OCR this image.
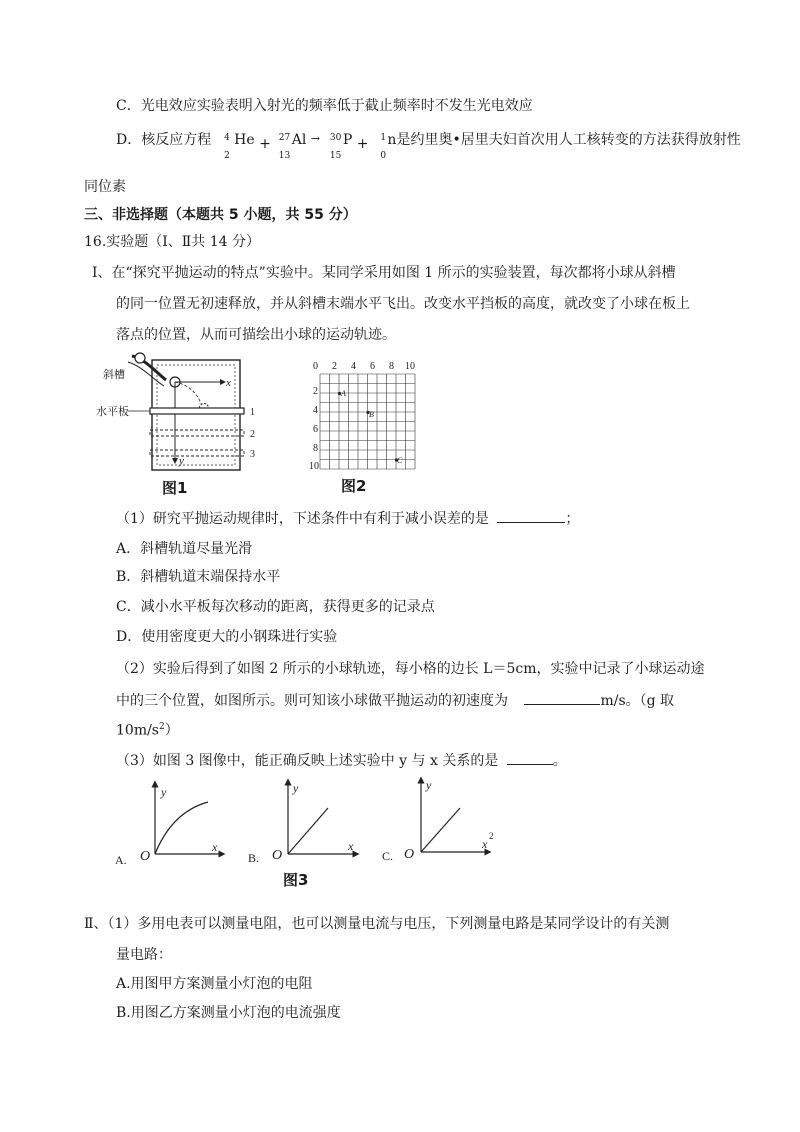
C．光电效应实验表明入射光的频率低于截止频率时不发生光电效应
D．核反应方程 4
2
He + 27
13
Al → 30
15
P + 1
0
n是约里奥•居里夫妇首次用人工核转变的方法获得放射性
同位素
三、非选择题（本题共 5 小题，共 55 分）
16.实验题（Ⅰ、Ⅱ共 14 分）
Ⅰ、在“探究平抛运动的特点”实验中。某同学采用如图 1 所示的实验装置，每次都将小球从斜槽
的同一位置无初速释放，并从斜槽末端水平飞出。改变水平挡板的高度，就改变了小球在板上
落点的位置，从而可描绘出小球的运动轨迹。
x
y
1
2
3
斜槽
水平板
图1
0 2 4 6 8 10
2
4
6
8
10
A
B
C
图2
（1）研究平抛运动规律时，下述条件中有利于减小误差的是	；
A．斜槽轨道尽量光滑
B．斜槽轨道末端保持水平
C．减小水平板每次移动的距离，获得更多的记录点
D．使用密度更大的小钢珠进行实验
（2）实验后得到了如图 2 所示的小球轨迹，每小格的边长 L＝5cm，实验中记录了小球运动途
中的三个位置，如图所示。则可知该小球做平抛运动的初速度为	m/s。（g 取
$10m/s^2$）
（3）如图 3 图像中，能正确反映上述实验中 y 与 x 关系的是	。
A. O
y
x
B. O
y
x
C. O
y
x
2
图3
Ⅱ、（1）多用电表可以测量电阻，也可以测量电流与电压，下列测量电路是某同学设计的有关测
量电路：
A.用图甲方案测量小灯泡的电阻
B.用图乙方案测量小灯泡的电流强度
